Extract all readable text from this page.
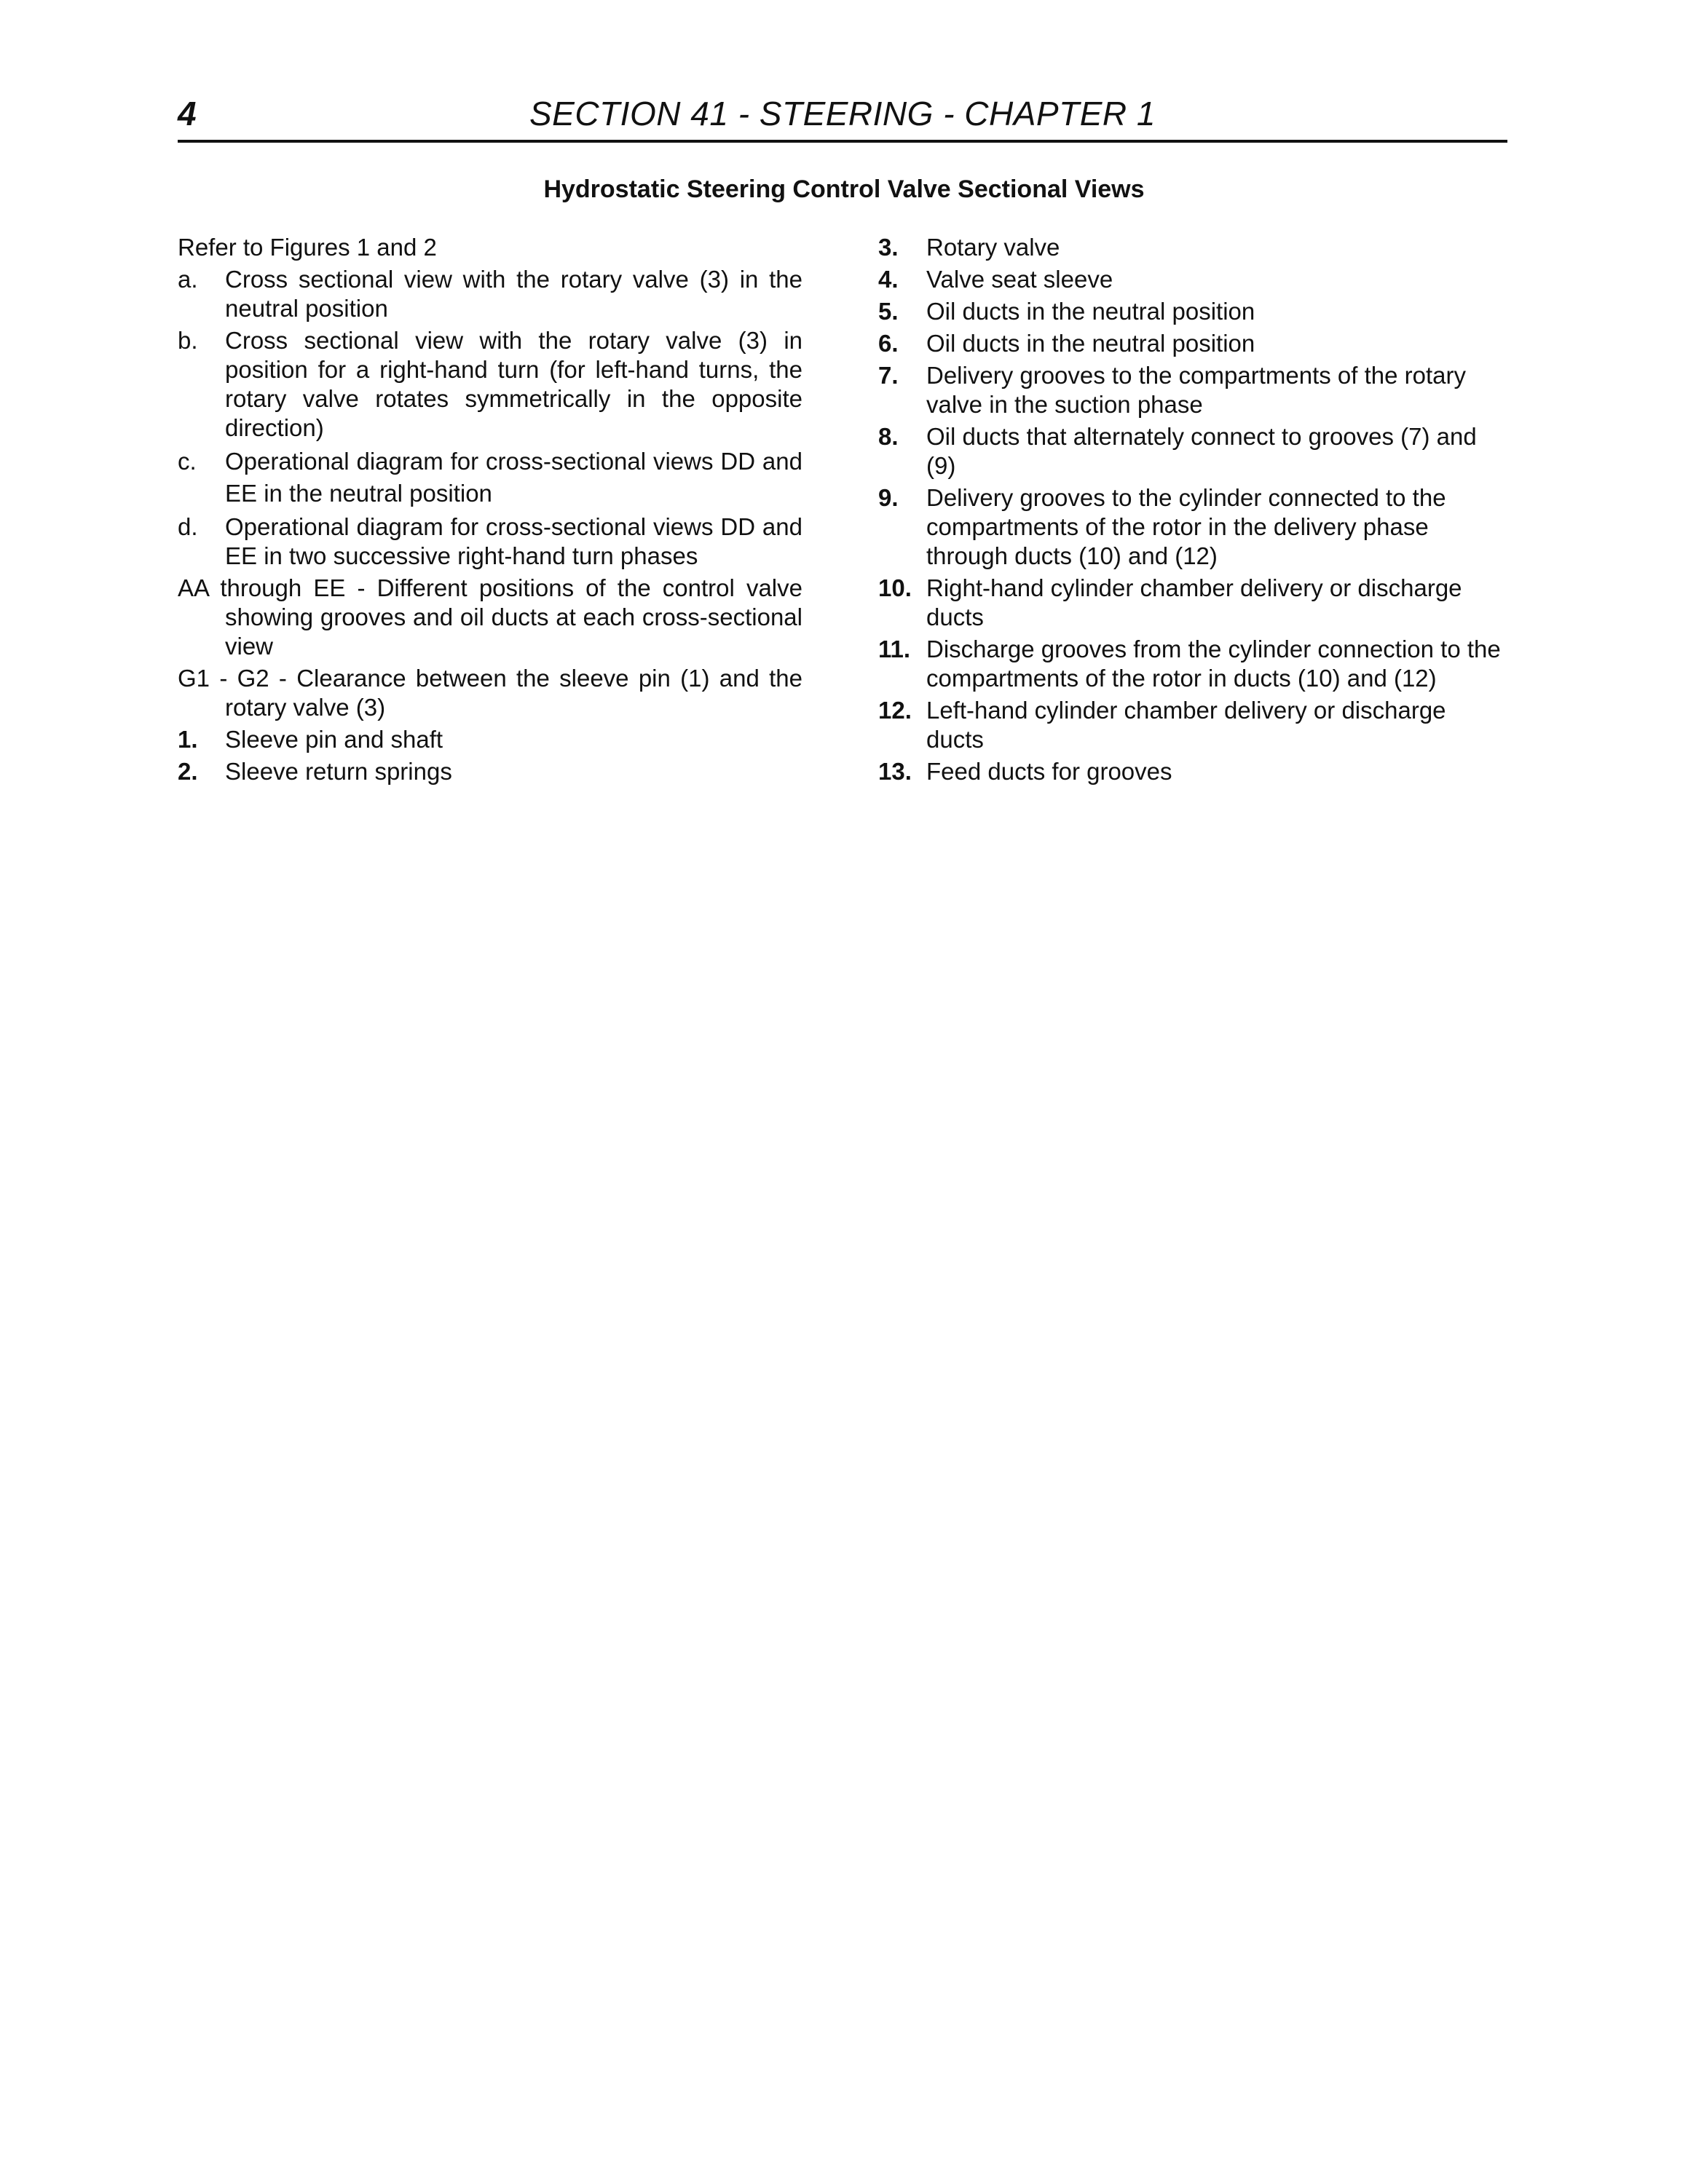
4	SECTION 41 - STEERING - CHAPTER 1
Hydrostatic Steering Control Valve Sectional Views

Refer to Figures 1 and 2

a. Cross sectional view with the rotary valve (3) in the neutral position
b. Cross sectional view with the rotary valve (3) in position for a right-hand turn (for left-hand turns, the rotary valve rotates symmetrically in the opposite direction)
c. Operational diagram for cross-sectional views DD and EE in the neutral position
d. Operational diagram for cross-sectional views DD and EE in two successive right-hand turn phases

AA through EE - Different positions of the control valve showing grooves and oil ducts at each cross-sectional view

G1 - G2 - Clearance between the sleeve pin (1) and the rotary valve (3)

1. Sleeve pin and shaft
2. Sleeve return springs
3. Rotary valve
4. Valve seat sleeve
5. Oil ducts in the neutral position
6. Oil ducts in the neutral position
7. Delivery grooves to the compartments of the rotary valve in the suction phase
8. Oil ducts that alternately connect to grooves (7) and (9)
9. Delivery grooves to the cylinder connected to the compartments of the rotor in the delivery phase through ducts (10) and (12)
10. Right-hand cylinder chamber delivery or discharge ducts
11. Discharge grooves from the cylinder connection to the compartments of the rotor in ducts (10) and (12)
12. Left-hand cylinder chamber delivery or discharge ducts
13. Feed ducts for grooves
